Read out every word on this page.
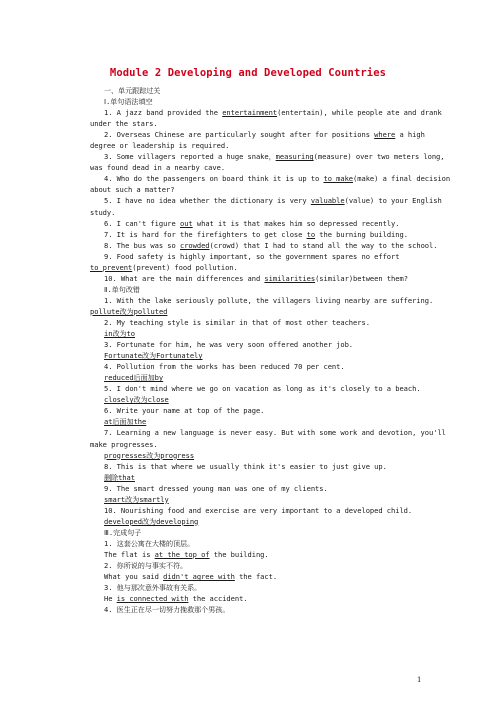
Module 2 Developing and Developed Countries
一、单元跟踪过关
Ⅰ.单句语法填空
1. A jazz band provided the entertainment(entertain), while people ate and drank
under the stars.
2. Overseas Chinese are particularly sought after for positions where a high
degree or leadership is required.
3. Some villagers reported a huge snake，measuring(measure) over two meters long,
was found dead in a nearby cave.
4. Who do the passengers on board think it is up to to_make(make) a final decision
about such a matter?
5. I have no idea whether the dictionary is very valuable(value) to your English
study.
6. I can't figure out what it is that makes him so depressed recently.
7. It is hard for the firefighters to get close to the burning building.
8. The bus was so crowded(crowd) that I had to stand all the way to the school.
9. Food safety is highly important, so the government spares no effort
to_prevent(prevent) food pollution.
10. What are the main differences and similarities(similar)between them?
Ⅱ.单句改错
1. With the lake seriously pollute, the villagers living nearby are suffering.
pollute改为polluted
2. My teaching style is similar in that of most other teachers.
in改为to
3. Fortunate for him, he was very soon offered another job.
Fortunate改为Fortunately
4. Pollution from the works has been reduced 70 per cent.
reduced后面加by
5. I don't mind where we go on vacation as long as it's closely to a beach.
closely改为close
6. Write your name at top of the page.
at后面加the
7. Learning a new language is never easy. But with some work and devotion, you'll
make progresses.
progresses改为progress
8. This is that where we usually think it's easier to just give up.
删除that
9. The smart dressed young man was one of my clients.
smart改为smartly
10. Nourishing food and exercise are very important to a developed child.
developed改为developing
Ⅲ.完成句子
1. 这套公寓在大楼的顶层。
The flat is at_the_top_of the building.
2. 你所说的与事实不符。
What you said didn't_agree_with the fact.
3. 他与那次意外事故有关系。
He is_connected_with the accident.
4. 医生正在尽一切努力挽救那个男孩。
1
